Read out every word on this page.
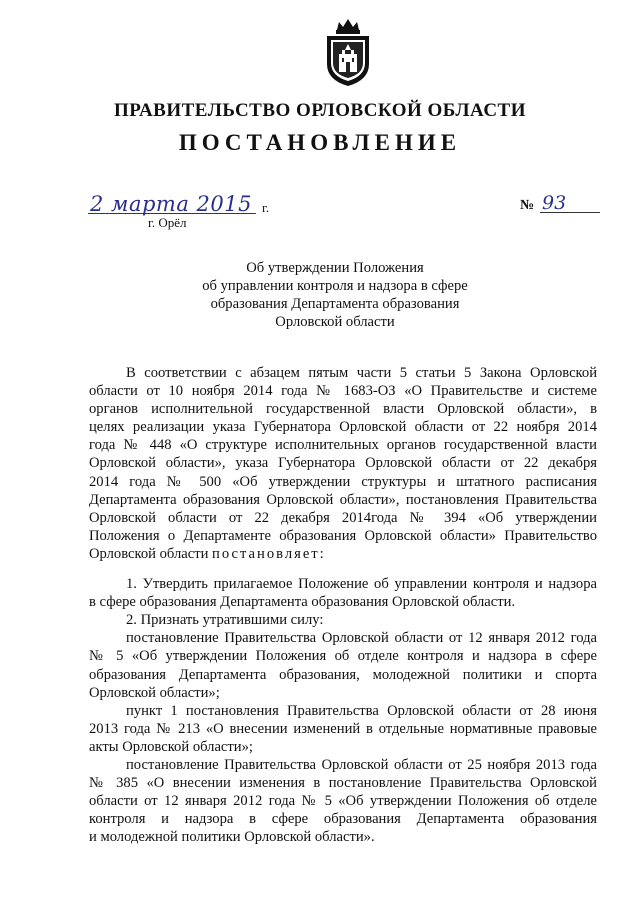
ПРАВИТЕЛЬСТВО ОРЛОВСКОЙ ОБЛАСТИ
ПОСТАНОВЛЕНИЕ
2 марта 2015 г.
г. Орёл
№ 93
Об утверждении Положения
об управлении контроля и надзора в сфере
образования Департамента образования
Орловской области
В соответствии с абзацем пятым части 5 статьи 5 Закона Орловской
области от 10 ноября 2014 года № 1683-ОЗ «О Правительстве и системе
органов исполнительной государственной власти Орловской области», в
целях реализации указа Губернатора Орловской области от 22 ноября 2014
года № 448 «О структуре исполнительных органов государственной власти
Орловской области», указа Губернатора Орловской области от 22 декабря
2014 года № 500 «Об утверждении структуры и штатного расписания
Департамента образования Орловской области», постановления Правительства
Орловской области от 22 декабря 2014года № 394 «Об утверждении
Положения о Департаменте образования Орловской области» Правительство
Орловской области постановляет:
1. Утвердить прилагаемое Положение об управлении контроля и надзора
в сфере образования Департамента образования Орловской области.
2. Признать утратившими силу:
постановление Правительства Орловской области от 12 января 2012 года
№ 5 «Об утверждении Положения об отделе контроля и надзора в сфере
образования Департамента образования, молодежной политики и спорта
Орловской области»;
пункт 1 постановления Правительства Орловской области от 28 июня
2013 года № 213 «О внесении изменений в отдельные нормативные правовые
акты Орловской области»;
постановление Правительства Орловской области от 25 ноября 2013 года
№ 385 «О внесении изменения в постановление Правительства Орловской
области от 12 января 2012 года № 5 «Об утверждении Положения об отделе
контроля и надзора в сфере образования Департамента образования
и молодежной политики Орловской области».
